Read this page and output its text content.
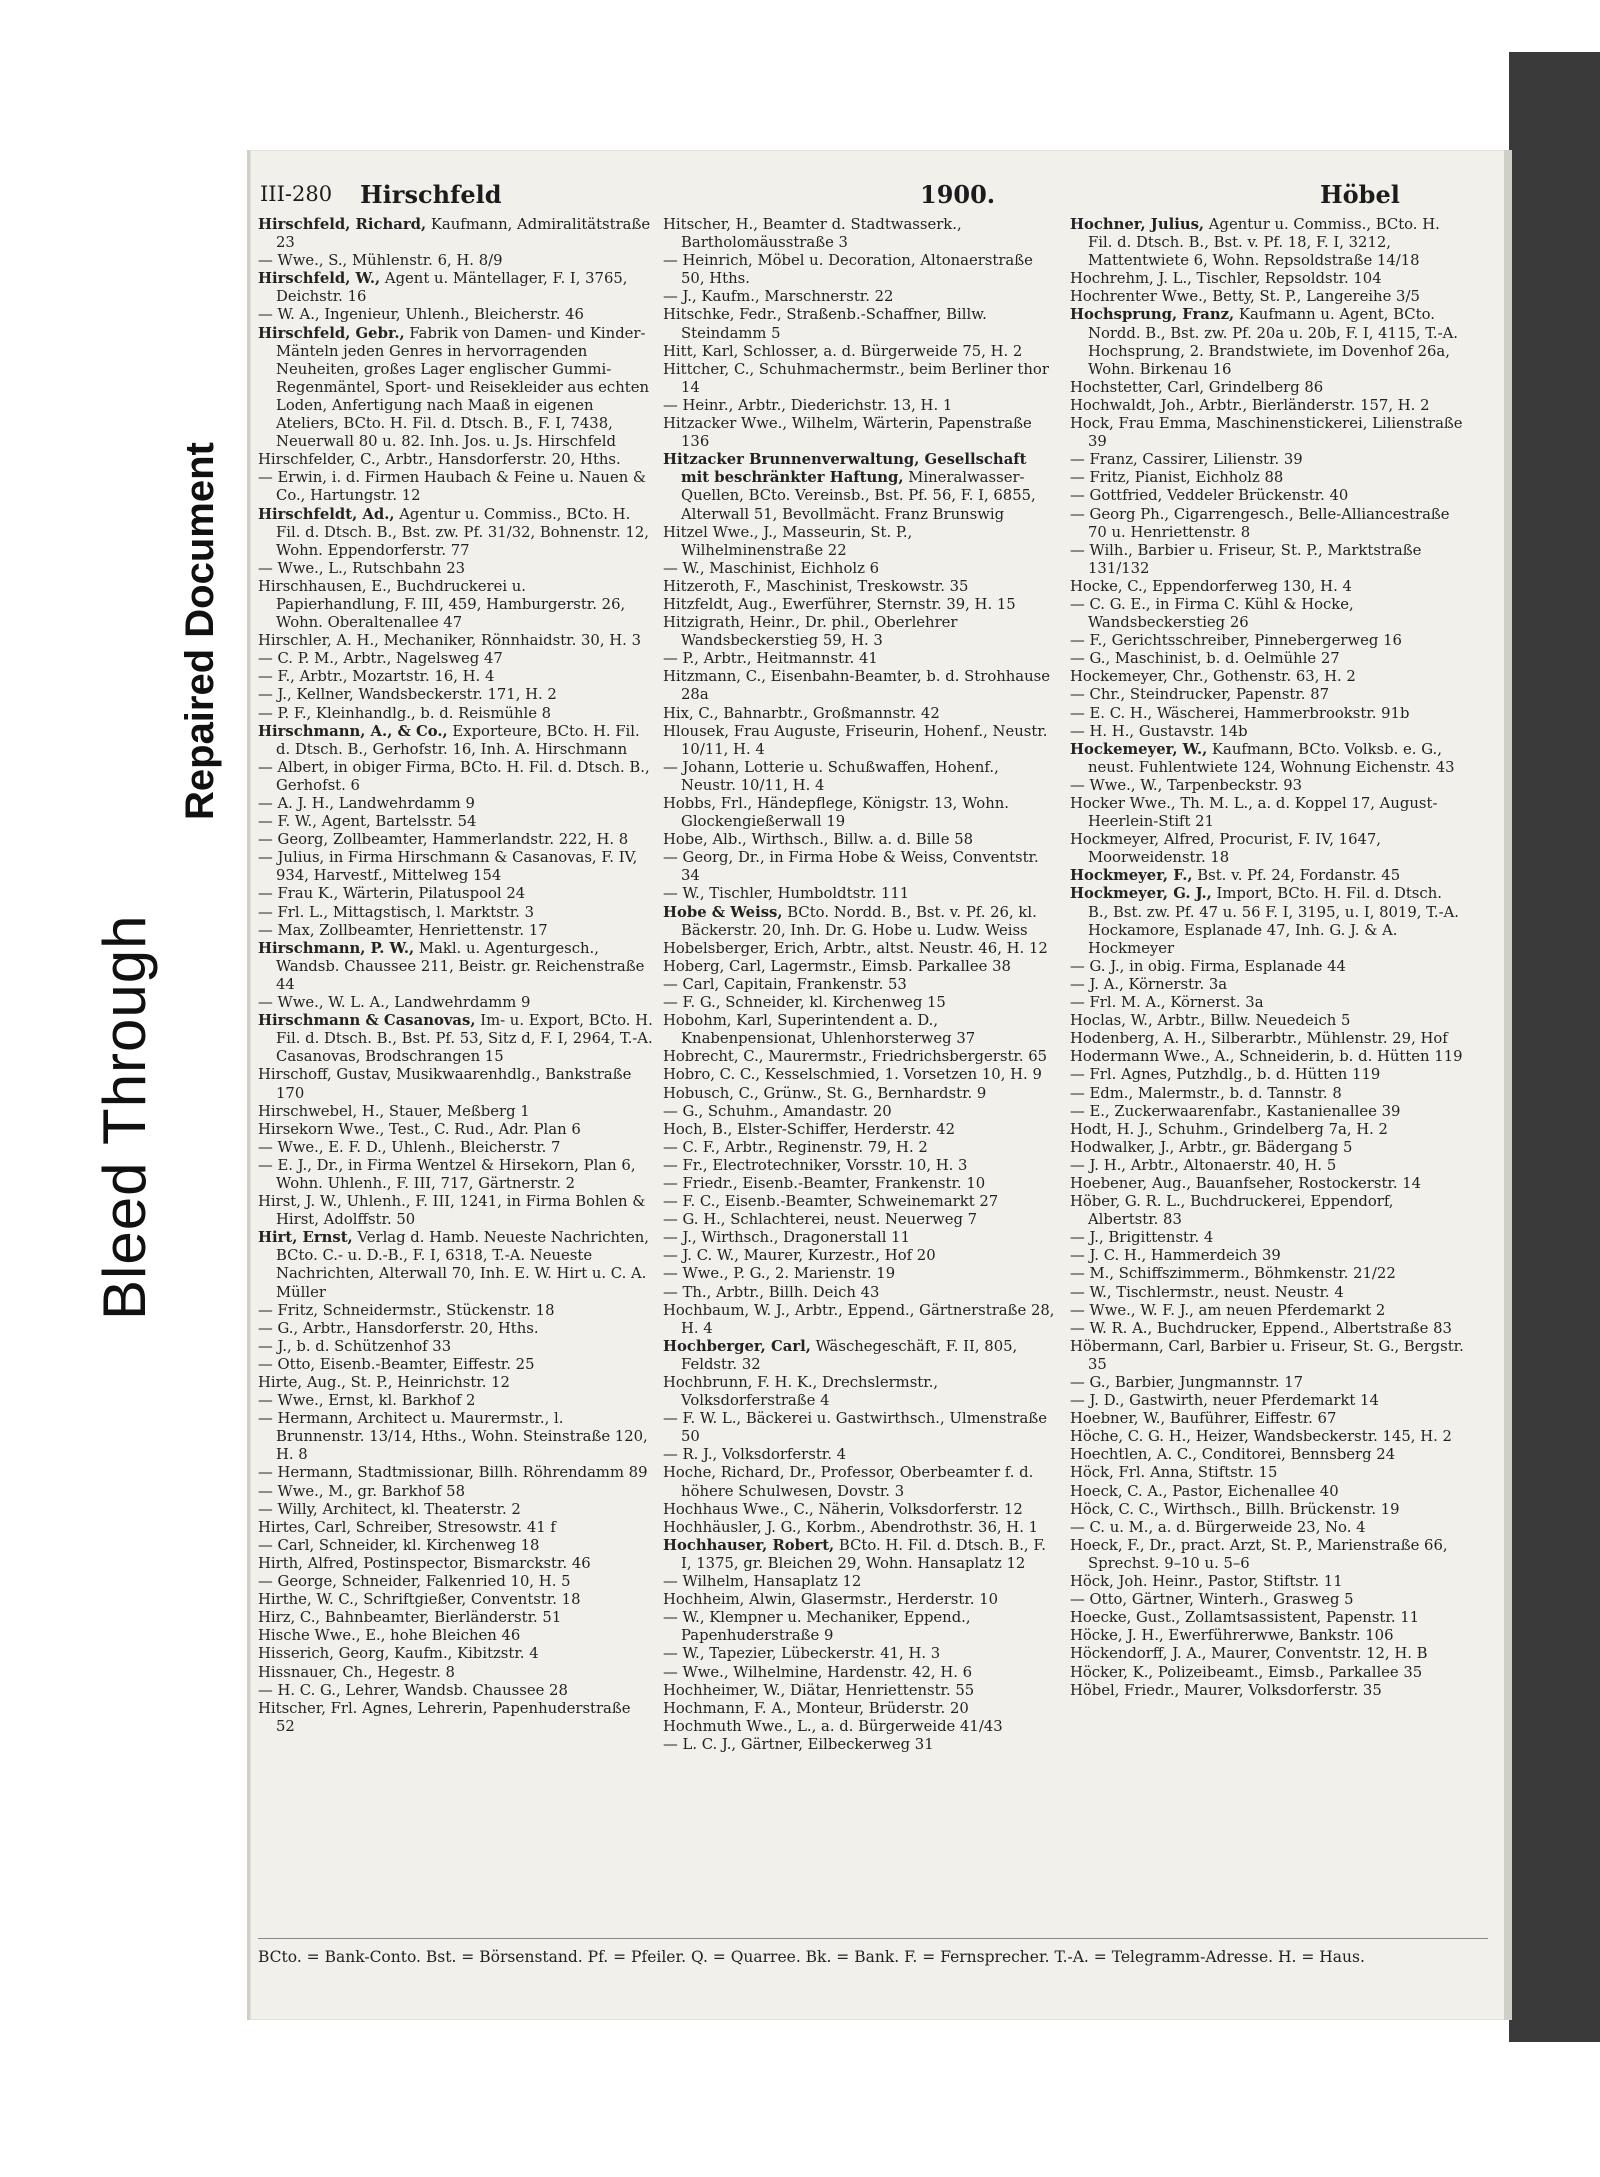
Bleed Through
Repaired Document
III-280 Hirschfeld	1900.	Höbel

Hirschfeld, Richard, Kaufmann, Admiralitätstraße 23

— Wwe., S., Mühlenstr. 6, H. 8/9

Hirschfeld, W., Agent u. Mäntellager, F. I, 3765, Deichstr. 16

— W. A., Ingenieur, Uhlenh., Bleicherstr. 46

Hirschfeld, Gebr., Fabrik von Damen- und Kinder-Mänteln jeden Genres in hervorragenden Neuheiten, großes Lager englischer Gummi-Regenmäntel, Sport- und Reisekleider aus echten Loden, Anfertigung nach Maaß in eigenen Ateliers, BCto. H. Fil. d. Dtsch. B., F. I, 7438, Neuerwall 80 u. 82. Inh. Jos. u. Js. Hirschfeld

Hirschfelder, C., Arbtr., Hansdorferstr. 20, Hths.

— Erwin, i. d. Firmen Haubach & Feine u. Nauen & Co., Hartungstr. 12

Hirschfeldt, Ad., Agentur u. Commiss., BCto. H. Fil. d. Dtsch. B., Bst. zw. Pf. 31/32, Bohnenstr. 12, Wohn. Eppendorferstr. 77

— Wwe., L., Rutschbahn 23

Hirschhausen, E., Buchdruckerei u. Papierhandlung, F. III, 459, Hamburgerstr. 26, Wohn. Oberaltenallee 47

Hirschler, A. H., Mechaniker, Rönnhaidstr. 30, H. 3

— C. P. M., Arbtr., Nagelsweg 47

— F., Arbtr., Mozartstr. 16, H. 4

— J., Kellner, Wandsbeckerstr. 171, H. 2

— P. F., Kleinhandlg., b. d. Reismühle 8

Hirschmann, A., & Co., Exporteure, BCto. H. Fil. d. Dtsch. B., Gerhofstr. 16, Inh. A. Hirschmann

— Albert, in obiger Firma, BCto. H. Fil. d. Dtsch. B., Gerhofst. 6

— A. J. H., Landwehrdamm 9

— F. W., Agent, Bartelsstr. 54

— Georg, Zollbeamter, Hammerlandstr. 222, H. 8

— Julius, in Firma Hirschmann & Casanovas, F. IV, 934, Harvestf., Mittelweg 154

— Frau K., Wärterin, Pilatuspool 24

— Frl. L., Mittagstisch, l. Marktstr. 3

— Max, Zollbeamter, Henriettenstr. 17

Hirschmann, P. W., Makl. u. Agenturgesch., Wandsb. Chaussee 211, Beistr. gr. Reichenstraße 44

— Wwe., W. L. A., Landwehrdamm 9

Hirschmann & Casanovas, Im- u. Export, BCto. H. Fil. d. Dtsch. B., Bst. Pf. 53, Sitz d, F. I, 2964, T.-A. Casanovas, Brodschrangen 15

Hirschoff, Gustav, Musikwaarenhdlg., Bankstraße 170

Hirschwebel, H., Stauer, Meßberg 1

Hirsekorn Wwe., Test., C. Rud., Adr. Plan 6

— Wwe., E. F. D., Uhlenh., Bleicherstr. 7

— E. J., Dr., in Firma Wentzel & Hirsekorn, Plan 6, Wohn. Uhlenh., F. III, 717, Gärtnerstr. 2

Hirst, J. W., Uhlenh., F. III, 1241, in Firma Bohlen & Hirst, Adolffstr. 50

Hirt, Ernst, Verlag d. Hamb. Neueste Nachrichten, BCto. C.- u. D.-B., F. I, 6318, T.-A. Neueste Nachrichten, Alterwall 70, Inh. E. W. Hirt u. C. A. Müller

— Fritz, Schneidermstr., Stückenstr. 18

— G., Arbtr., Hansdorferstr. 20, Hths.

— J., b. d. Schützenhof 33

— Otto, Eisenb.-Beamter, Eiffestr. 25

Hirte, Aug., St. P., Heinrichstr. 12

— Wwe., Ernst, kl. Barkhof 2

— Hermann, Architect u. Maurermstr., l. Brunnenstr. 13/14, Hths., Wohn. Steinstraße 120, H. 8

— Hermann, Stadtmissionar, Billh. Röhrendamm 89

— Wwe., M., gr. Barkhof 58

— Willy, Architect, kl. Theaterstr. 2

Hirtes, Carl, Schreiber, Stresowstr. 41 f

— Carl, Schneider, kl. Kirchenweg 18

Hirth, Alfred, Postinspector, Bismarckstr. 46

— George, Schneider, Falkenried 10, H. 5

Hirthe, W. C., Schriftgießer, Conventstr. 18

Hirz, C., Bahnbeamter, Bierländerstr. 51

Hische Wwe., E., hohe Bleichen 46

Hisserich, Georg, Kaufm., Kibitzstr. 4

Hissnauer, Ch., Hegestr. 8

— H. C. G., Lehrer, Wandsb. Chaussee 28

Hitscher, Frl. Agnes, Lehrerin, Papenhuderstraße 52

Hitscher, H., Beamter d. Stadtwasserk., Bartholomäusstraße 3

— Heinrich, Möbel u. Decoration, Altonaerstraße 50, Hths.

— J., Kaufm., Marschnerstr. 22

Hitschke, Fedr., Straßenb.-Schaffner, Billw. Steindamm 5

Hitt, Karl, Schlosser, a. d. Bürgerweide 75, H. 2

Hittcher, C., Schuhmachermstr., beim Berliner thor 14

— Heinr., Arbtr., Diederichstr. 13, H. 1

Hitzacker Wwe., Wilhelm, Wärterin, Papenstraße 136

Hitzacker Brunnenverwaltung, Gesellschaft mit beschränkter Haftung, Mineralwasser-Quellen, BCto. Vereinsb., Bst. Pf. 56, F. I, 6855, Alterwall 51, Bevollmächt. Franz Brunswig

Hitzel Wwe., J., Masseurin, St. P., Wilhelminenstraße 22

— W., Maschinist, Eichholz 6

Hitzeroth, F., Maschinist, Treskowstr. 35

Hitzfeldt, Aug., Ewerführer, Sternstr. 39, H. 15

Hitzigrath, Heinr., Dr. phil., Oberlehrer Wandsbeckerstieg 59, H. 3

— P., Arbtr., Heitmannstr. 41

Hitzmann, C., Eisenbahn-Beamter, b. d. Strohhause 28a

Hix, C., Bahnarbtr., Großmannstr. 42

Hlousek, Frau Auguste, Friseurin, Hohenf., Neustr. 10/11, H. 4

— Johann, Lotterie u. Schußwaffen, Hohenf., Neustr. 10/11, H. 4

Hobbs, Frl., Händepflege, Königstr. 13, Wohn. Glockengießerwall 19

Hobe, Alb., Wirthsch., Billw. a. d. Bille 58

— Georg, Dr., in Firma Hobe & Weiss, Conventstr. 34

— W., Tischler, Humboldtstr. 111

Hobe & Weiss, BCto. Nordd. B., Bst. v. Pf. 26, kl. Bäckerstr. 20, Inh. Dr. G. Hobe u. Ludw. Weiss

Hobelsberger, Erich, Arbtr., altst. Neustr. 46, H. 12

Hoberg, Carl, Lagermstr., Eimsb. Parkallee 38

— Carl, Capitain, Frankenstr. 53

— F. G., Schneider, kl. Kirchenweg 15

Hobohm, Karl, Superintendent a. D., Knabenpensionat, Uhlenhorsterweg 37

Hobrecht, C., Maurermstr., Friedrichsbergerstr. 65

Hobro, C. C., Kesselschmied, 1. Vorsetzen 10, H. 9

Hobusch, C., Grünw., St. G., Bernhardstr. 9

— G., Schuhm., Amandastr. 20

Hoch, B., Elster-Schiffer, Herderstr. 42

— C. F., Arbtr., Reginenstr. 79, H. 2

— Fr., Electrotechniker, Vorsstr. 10, H. 3

— Friedr., Eisenb.-Beamter, Frankenstr. 10

— F. C., Eisenb.-Beamter, Schweinemarkt 27

— G. H., Schlachterei, neust. Neuerweg 7

— J., Wirthsch., Dragonerstall 11

— J. C. W., Maurer, Kurzestr., Hof 20

— Wwe., P. G., 2. Marienstr. 19

— Th., Arbtr., Billh. Deich 43

Hochbaum, W. J., Arbtr., Eppend., Gärtnerstraße 28, H. 4

Hochberger, Carl, Wäschegeschäft, F. II, 805, Feldstr. 32

Hochbrunn, F. H. K., Drechslermstr., Volksdorferstraße 4

— F. W. L., Bäckerei u. Gastwirthsch., Ulmenstraße 50

— R. J., Volksdorferstr. 4

Hoche, Richard, Dr., Professor, Oberbeamter f. d. höhere Schulwesen, Dovstr. 3

Hochhaus Wwe., C., Näherin, Volksdorferstr. 12

Hochhäusler, J. G., Korbm., Abendrothstr. 36, H. 1

Hochhauser, Robert, BCto. H. Fil. d. Dtsch. B., F. I, 1375, gr. Bleichen 29, Wohn. Hansaplatz 12

— Wilhelm, Hansaplatz 12

Hochheim, Alwin, Glasermstr., Herderstr. 10

— W., Klempner u. Mechaniker, Eppend., Papenhuderstraße 9

— W., Tapezier, Lübeckerstr. 41, H. 3

— Wwe., Wilhelmine, Hardenstr. 42, H. 6

Hochheimer, W., Diätar, Henriettenstr. 55

Hochmann, F. A., Monteur, Brüderstr. 20

Hochmuth Wwe., L., a. d. Bürgerweide 41/43

— L. C. J., Gärtner, Eilbeckerweg 31

Hochner, Julius, Agentur u. Commiss., BCto. H. Fil. d. Dtsch. B., Bst. v. Pf. 18, F. I, 3212, Mattentwiete 6, Wohn. Repsoldstraße 14/18

Hochrehm, J. L., Tischler, Repsoldstr. 104

Hochrenter Wwe., Betty, St. P., Langereihe 3/5

Hochsprung, Franz, Kaufmann u. Agent, BCto. Nordd. B., Bst. zw. Pf. 20a u. 20b, F. I, 4115, T.-A. Hochsprung, 2. Brandstwiete, im Dovenhof 26a, Wohn. Birkenau 16

Hochstetter, Carl, Grindelberg 86

Hochwaldt, Joh., Arbtr., Bierländerstr. 157, H. 2

Hock, Frau Emma, Maschinenstickerei, Lilienstraße 39

— Franz, Cassirer, Lilienstr. 39

— Fritz, Pianist, Eichholz 88

— Gottfried, Veddeler Brückenstr. 40

— Georg Ph., Cigarrengesch., Belle-Alliancestraße 70 u. Henriettenstr. 8

— Wilh., Barbier u. Friseur, St. P., Marktstraße 131/132

Hocke, C., Eppendorferweg 130, H. 4

— C. G. E., in Firma C. Kühl & Hocke, Wandsbeckerstieg 26

— F., Gerichtsschreiber, Pinnebergerweg 16

— G., Maschinist, b. d. Oelmühle 27

Hockemeyer, Chr., Gothenstr. 63, H. 2

— Chr., Steindrucker, Papenstr. 87

— E. C. H., Wäscherei, Hammerbrookstr. 91b

— H. H., Gustavstr. 14b

Hockemeyer, W., Kaufmann, BCto. Volksb. e. G., neust. Fuhlentwiete 124, Wohnung Eichenstr. 43

— Wwe., W., Tarpenbeckstr. 93

Hocker Wwe., Th. M. L., a. d. Koppel 17, August-Heerlein-Stift 21

Hockmeyer, Alfred, Procurist, F. IV, 1647, Moorweidenstr. 18

Hockmeyer, F., Bst. v. Pf. 24, Fordanstr. 45

Hockmeyer, G. J., Import, BCto. H. Fil. d. Dtsch. B., Bst. zw. Pf. 47 u. 56 F. I, 3195, u. I, 8019, T.-A. Hockamore, Esplanade 47, Inh. G. J. & A. Hockmeyer

— G. J., in obig. Firma, Esplanade 44

— J. A., Körnerstr. 3a

— Frl. M. A., Körnerst. 3a

Hoclas, W., Arbtr., Billw. Neuedeich 5

Hodenberg, A. H., Silberarbtr., Mühlenstr. 29, Hof

Hodermann Wwe., A., Schneiderin, b. d. Hütten 119

— Frl. Agnes, Putzhdlg., b. d. Hütten 119

— Edm., Malermstr., b. d. Tannstr. 8

— E., Zuckerwaarenfabr., Kastanienallee 39

Hodt, H. J., Schuhm., Grindelberg 7a, H. 2

Hodwalker, J., Arbtr., gr. Bädergang 5

— J. H., Arbtr., Altonaerstr. 40, H. 5

Hoebener, Aug., Bauanfseher, Rostockerstr. 14

Höber, G. R. L., Buchdruckerei, Eppendorf, Albertstr. 83

— J., Brigittenstr. 4

— J. C. H., Hammerdeich 39

— M., Schiffszimmerm., Böhmkenstr. 21/22

— W., Tischlermstr., neust. Neustr. 4

— Wwe., W. F. J., am neuen Pferdemarkt 2

— W. R. A., Buchdrucker, Eppend., Albertstraße 83

Höbermann, Carl, Barbier u. Friseur, St. G., Bergstr. 35

— G., Barbier, Jungmannstr. 17

— J. D., Gastwirth, neuer Pferdemarkt 14

Hoebner, W., Bauführer, Eiffestr. 67

Höche, C. G. H., Heizer, Wandsbeckerstr. 145, H. 2

Hoechtlen, A. C., Conditorei, Bennsberg 24

Höck, Frl. Anna, Stiftstr. 15

Hoeck, C. A., Pastor, Eichenallee 40

Höck, C. C., Wirthsch., Billh. Brückenstr. 19

— C. u. M., a. d. Bürgerweide 23, No. 4

Hoeck, F., Dr., pract. Arzt, St. P., Marienstraße 66, Sprechst. 9–10 u. 5–6

Höck, Joh. Heinr., Pastor, Stiftstr. 11

— Otto, Gärtner, Winterh., Grasweg 5

Hoecke, Gust., Zollamtsassistent, Papenstr. 11

Höcke, J. H., Ewerführerwwe, Bankstr. 106

Höckendorff, J. A., Maurer, Conventstr. 12, H. B

Höcker, K., Polizeibeamt., Eimsb., Parkallee 35

Höbel, Friedr., Maurer, Volksdorferstr. 35

BCto. = Bank-Conto. Bst. = Börsenstand. Pf. = Pfeiler. Q. = Quarree. Bk. = Bank. F. = Fernsprecher. T.-A. = Telegramm-Adresse. H. = Haus.
